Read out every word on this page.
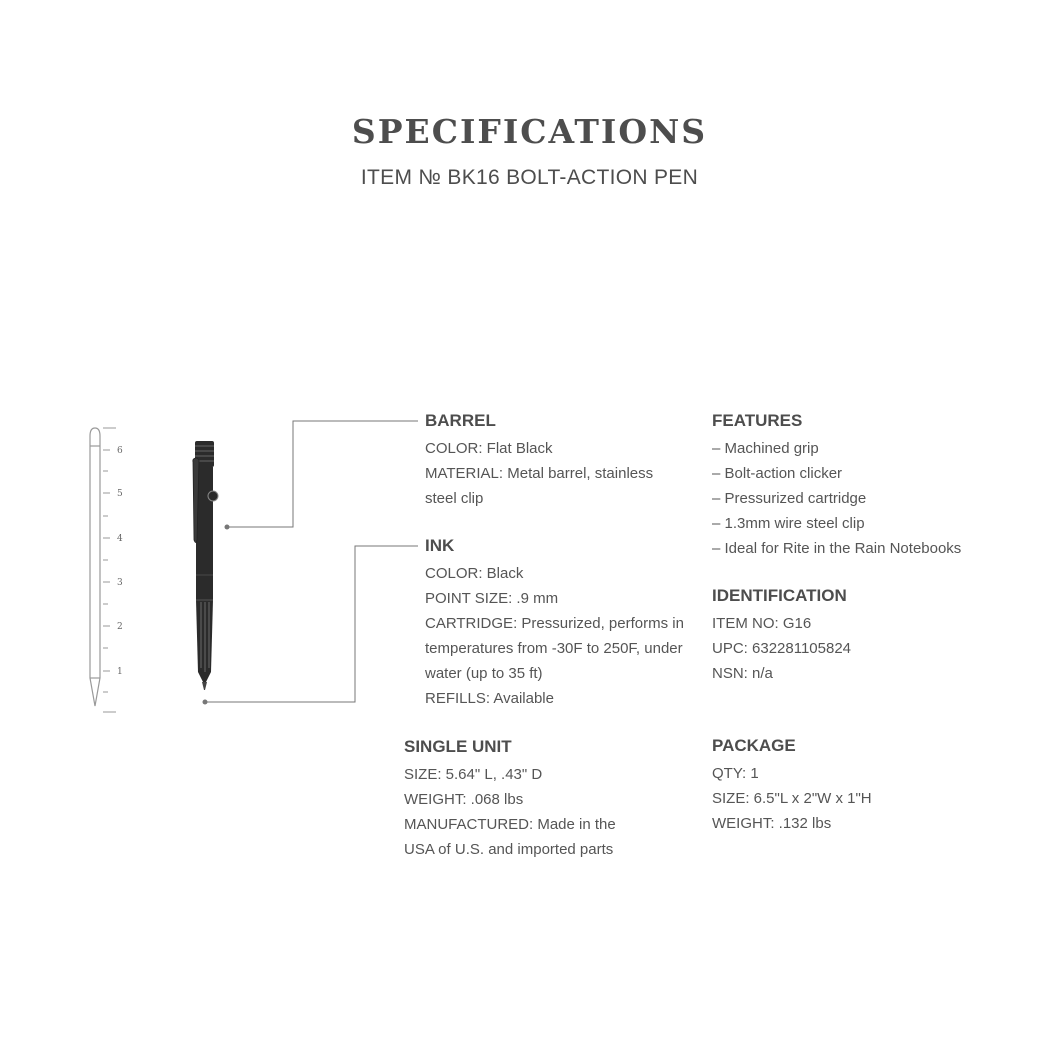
SPECIFICATIONS
ITEM № BK16 BOLT-ACTION PEN
6
5
4
3
2
1
BARREL
COLOR: Flat Black
MATERIAL: Metal barrel, stainless
steel clip
INK
COLOR: Black
POINT SIZE: .9 mm
CARTRIDGE: Pressurized, performs in
temperatures from -30F to 250F, under
water (up to 35 ft)
REFILLS: Available
SINGLE UNIT
SIZE: 5.64" L, .43" D
WEIGHT: .068 lbs
MANUFACTURED: Made in the
USA of U.S. and imported parts
FEATURES
– Machined grip
– Bolt-action clicker
– Pressurized cartridge
– 1.3mm wire steel clip
– Ideal for Rite in the Rain Notebooks
IDENTIFICATION
ITEM NO: G16
UPC: 632281105824
NSN: n/a
PACKAGE
QTY: 1
SIZE: 6.5"L x 2"W x 1"H
WEIGHT: .132 lbs
